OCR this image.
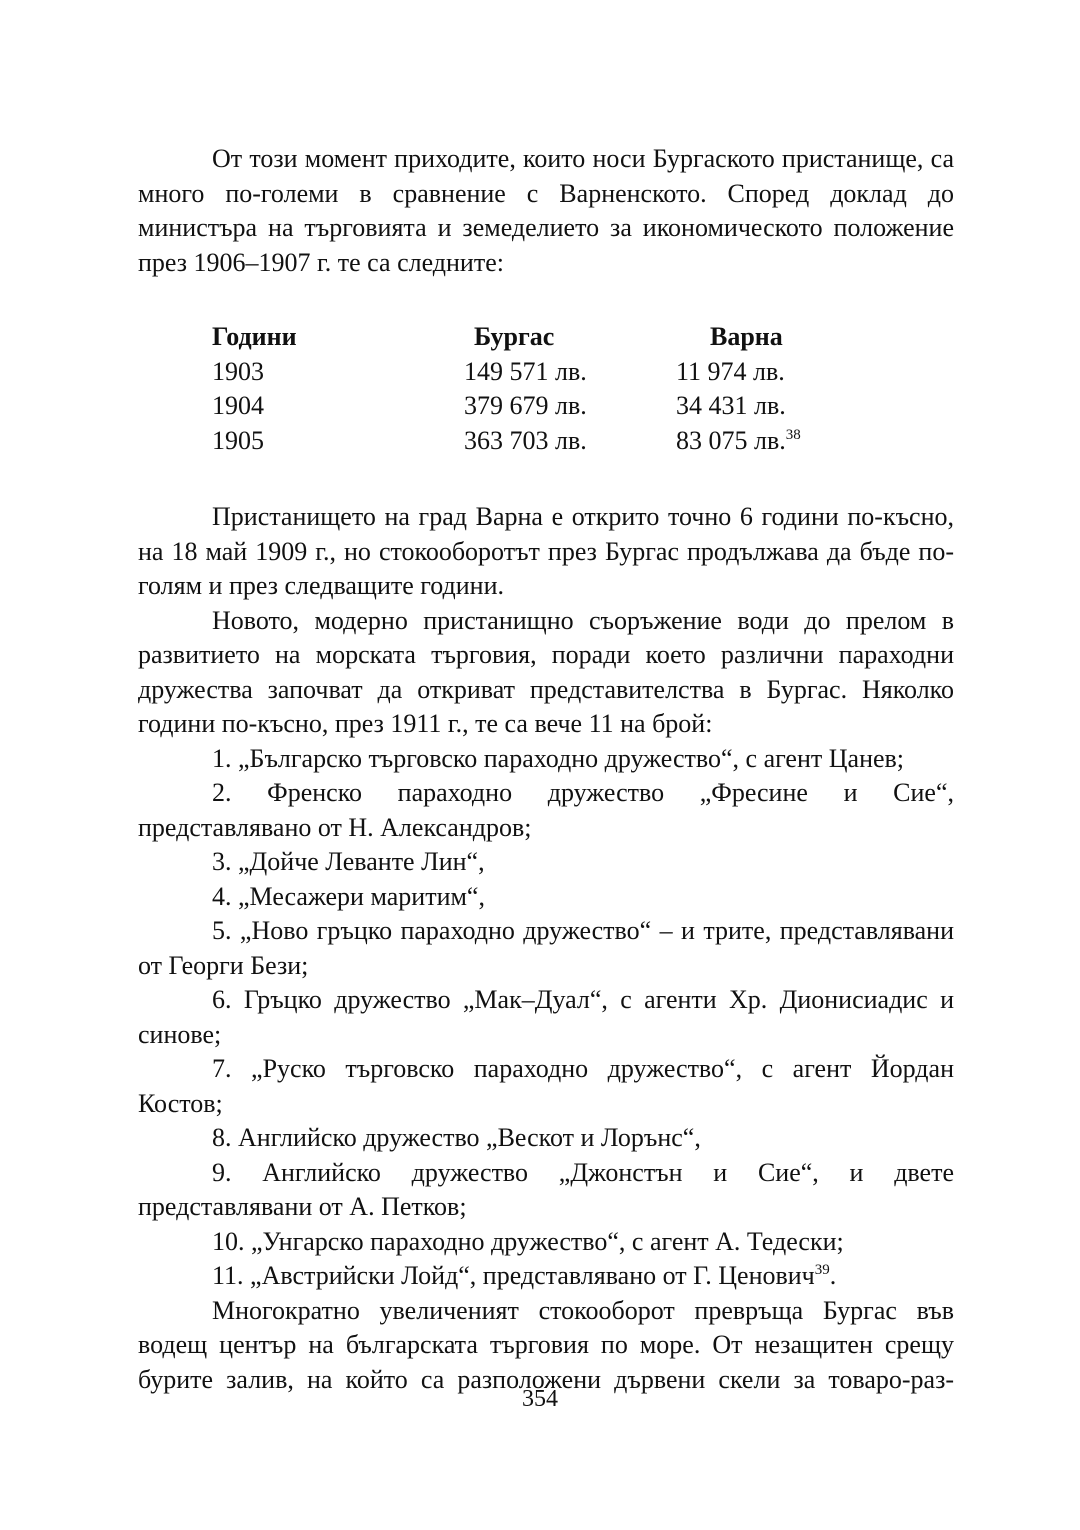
От този момент приходите, които носи Бургаското пристанище, са много по-големи в сравнение с Варненското. Според доклад до министъра на търговията и земеделието за икономическото положение през 1906–1907 г. те са следните:

Години	Бургас	Варна
1903	149 571 лв.	11 974 лв.
1904	379 679 лв.	34 431 лв.
1905	363 703 лв.	83 075 лв.$^{38}$

Пристанището на град Варна е открито точно 6 години по-късно, на 18 май 1909 г., но стокооборотът през Бургас продължава да бъде по-голям и през следващите години.

Новото, модерно пристанищно съоръжение води до прелом в развитието на морската търговия, поради което различни параходни дружества започват да откриват представителства в Бургас. Няколко години по-късно, през 1911 г., те са вече 11 на брой:

1. „Българско търговско параходно дружество“, с агент Цанев;

2. Френско параходно дружество „Фресине и Сие“, представлявано от Н. Александров;

3. „Дойче Леванте Лин“,

4. „Месажери маритим“,

5. „Ново гръцко параходно дружество“ – и трите, представлявани от Георги Бези;

6. Гръцко дружество „Мак–Дуал“, с агенти Хр. Дионисиадис и синове;

7. „Руско търговско параходно дружество“, с агент Йордан Костов;

8. Английско дружество „Вескот и Лорънс“,

9. Английско дружество „Джонстън и Сие“, и двете представлявани от А. Петков;

10. „Унгарско параходно дружество“, с агент А. Тедески;

11. „Австрийски Лойд“, представлявано от Г. Ценович$^{39}$.

Многократно увеличеният стокооборот превръща Бургас във водещ център на българската търговия по море. От незащитен срещу бурите залив, на който са разположени дървени скели за товаро-раз-

354
